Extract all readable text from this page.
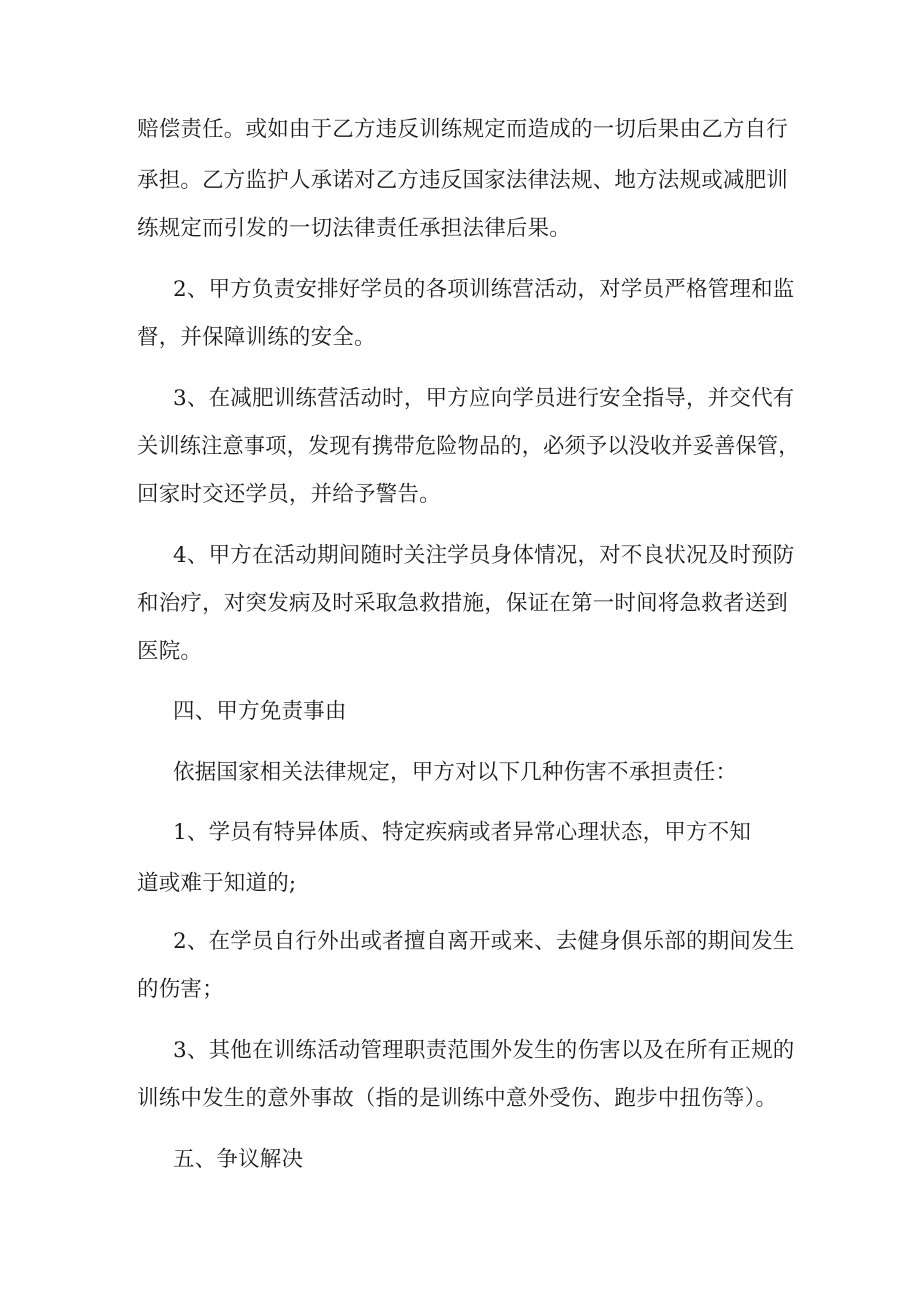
赔偿责任。或如由于乙方违反训练规定而造成的一切后果由乙方自行
承担。乙方监护人承诺对乙方违反国家法律法规、地方法规或减肥训
练规定而引发的一切法律责任承担法律后果。
2、甲方负责安排好学员的各项训练营活动，对学员严格管理和监
督，并保障训练的安全。
3、在减肥训练营活动时，甲方应向学员进行安全指导，并交代有
关训练注意事项，发现有携带危险物品的，必须予以没收并妥善保管，
回家时交还学员，并给予警告。
4、甲方在活动期间随时关注学员身体情况，对不良状况及时预防
和治疗，对突发病及时采取急救措施，保证在第一时间将急救者送到
医院。
四、甲方免责事由
依据国家相关法律规定，甲方对以下几种伤害不承担责任：
1、学员有特异体质、特定疾病或者异常心理状态，甲方不知
道或难于知道的;
2、在学员自行外出或者擅自离开或来、去健身俱乐部的期间发生
的伤害；
3、其他在训练活动管理职责范围外发生的伤害以及在所有正规的
训练中发生的意外事故（指的是训练中意外受伤、跑步中扭伤等）。
五、争议解决
